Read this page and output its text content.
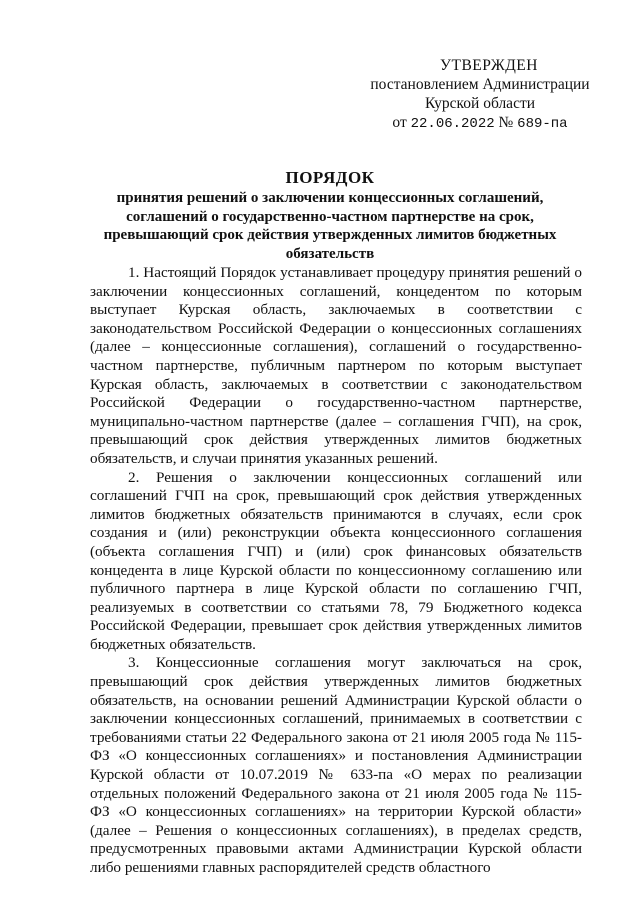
УТВЕРЖДЕН
постановлением Администрации
Курской области
от 22.06.2022 № 689-па
ПОРЯДОК
принятия решений о заключении концессионных соглашений, соглашений о государственно-частном партнерстве на срок, превышающий срок действия утвержденных лимитов бюджетных обязательств

1. Настоящий Порядок устанавливает процедуру принятия решений о заключении концессионных соглашений, концедентом по которым выступает Курская область, заключаемых в соответствии с законодательством Российской Федерации о концессионных соглашениях (далее – концессионные соглашения), соглашений о государственно-частном партнерстве, публичным партнером по которым выступает Курская область, заключаемых в соответствии с законодательством Российской Федерации о государственно-частном партнерстве, муниципально-частном партнерстве (далее – соглашения ГЧП), на срок, превышающий срок действия утвержденных лимитов бюджетных обязательств, и случаи принятия указанных решений.

2. Решения о заключении концессионных соглашений или соглашений ГЧП на срок, превышающий срок действия утвержденных лимитов бюджетных обязательств принимаются в случаях, если срок создания и (или) реконструкции объекта концессионного соглашения (объекта соглашения ГЧП) и (или) срок финансовых обязательств концедента в лице Курской области по концессионному соглашению или публичного партнера в лице Курской области по соглашению ГЧП, реализуемых в соответствии со статьями 78, 79 Бюджетного кодекса Российской Федерации, превышает срок действия утвержденных лимитов бюджетных обязательств.

3. Концессионные соглашения могут заключаться на срок, превышающий срок действия утвержденных лимитов бюджетных обязательств, на основании решений Администрации Курской области о заключении концессионных соглашений, принимаемых в соответствии с требованиями статьи 22 Федерального закона от 21 июля 2005 года № 115-ФЗ «О концессионных соглашениях» и постановления Администрации Курской области от 10.07.2019 № 633-па «О мерах по реализации отдельных положений Федерального закона от 21 июля 2005 года № 115-ФЗ «О концессионных соглашениях» на территории Курской области» (далее – Решения о концессионных соглашениях), в пределах средств, предусмотренных правовыми актами Администрации Курской области либо решениями главных распорядителей средств областного
